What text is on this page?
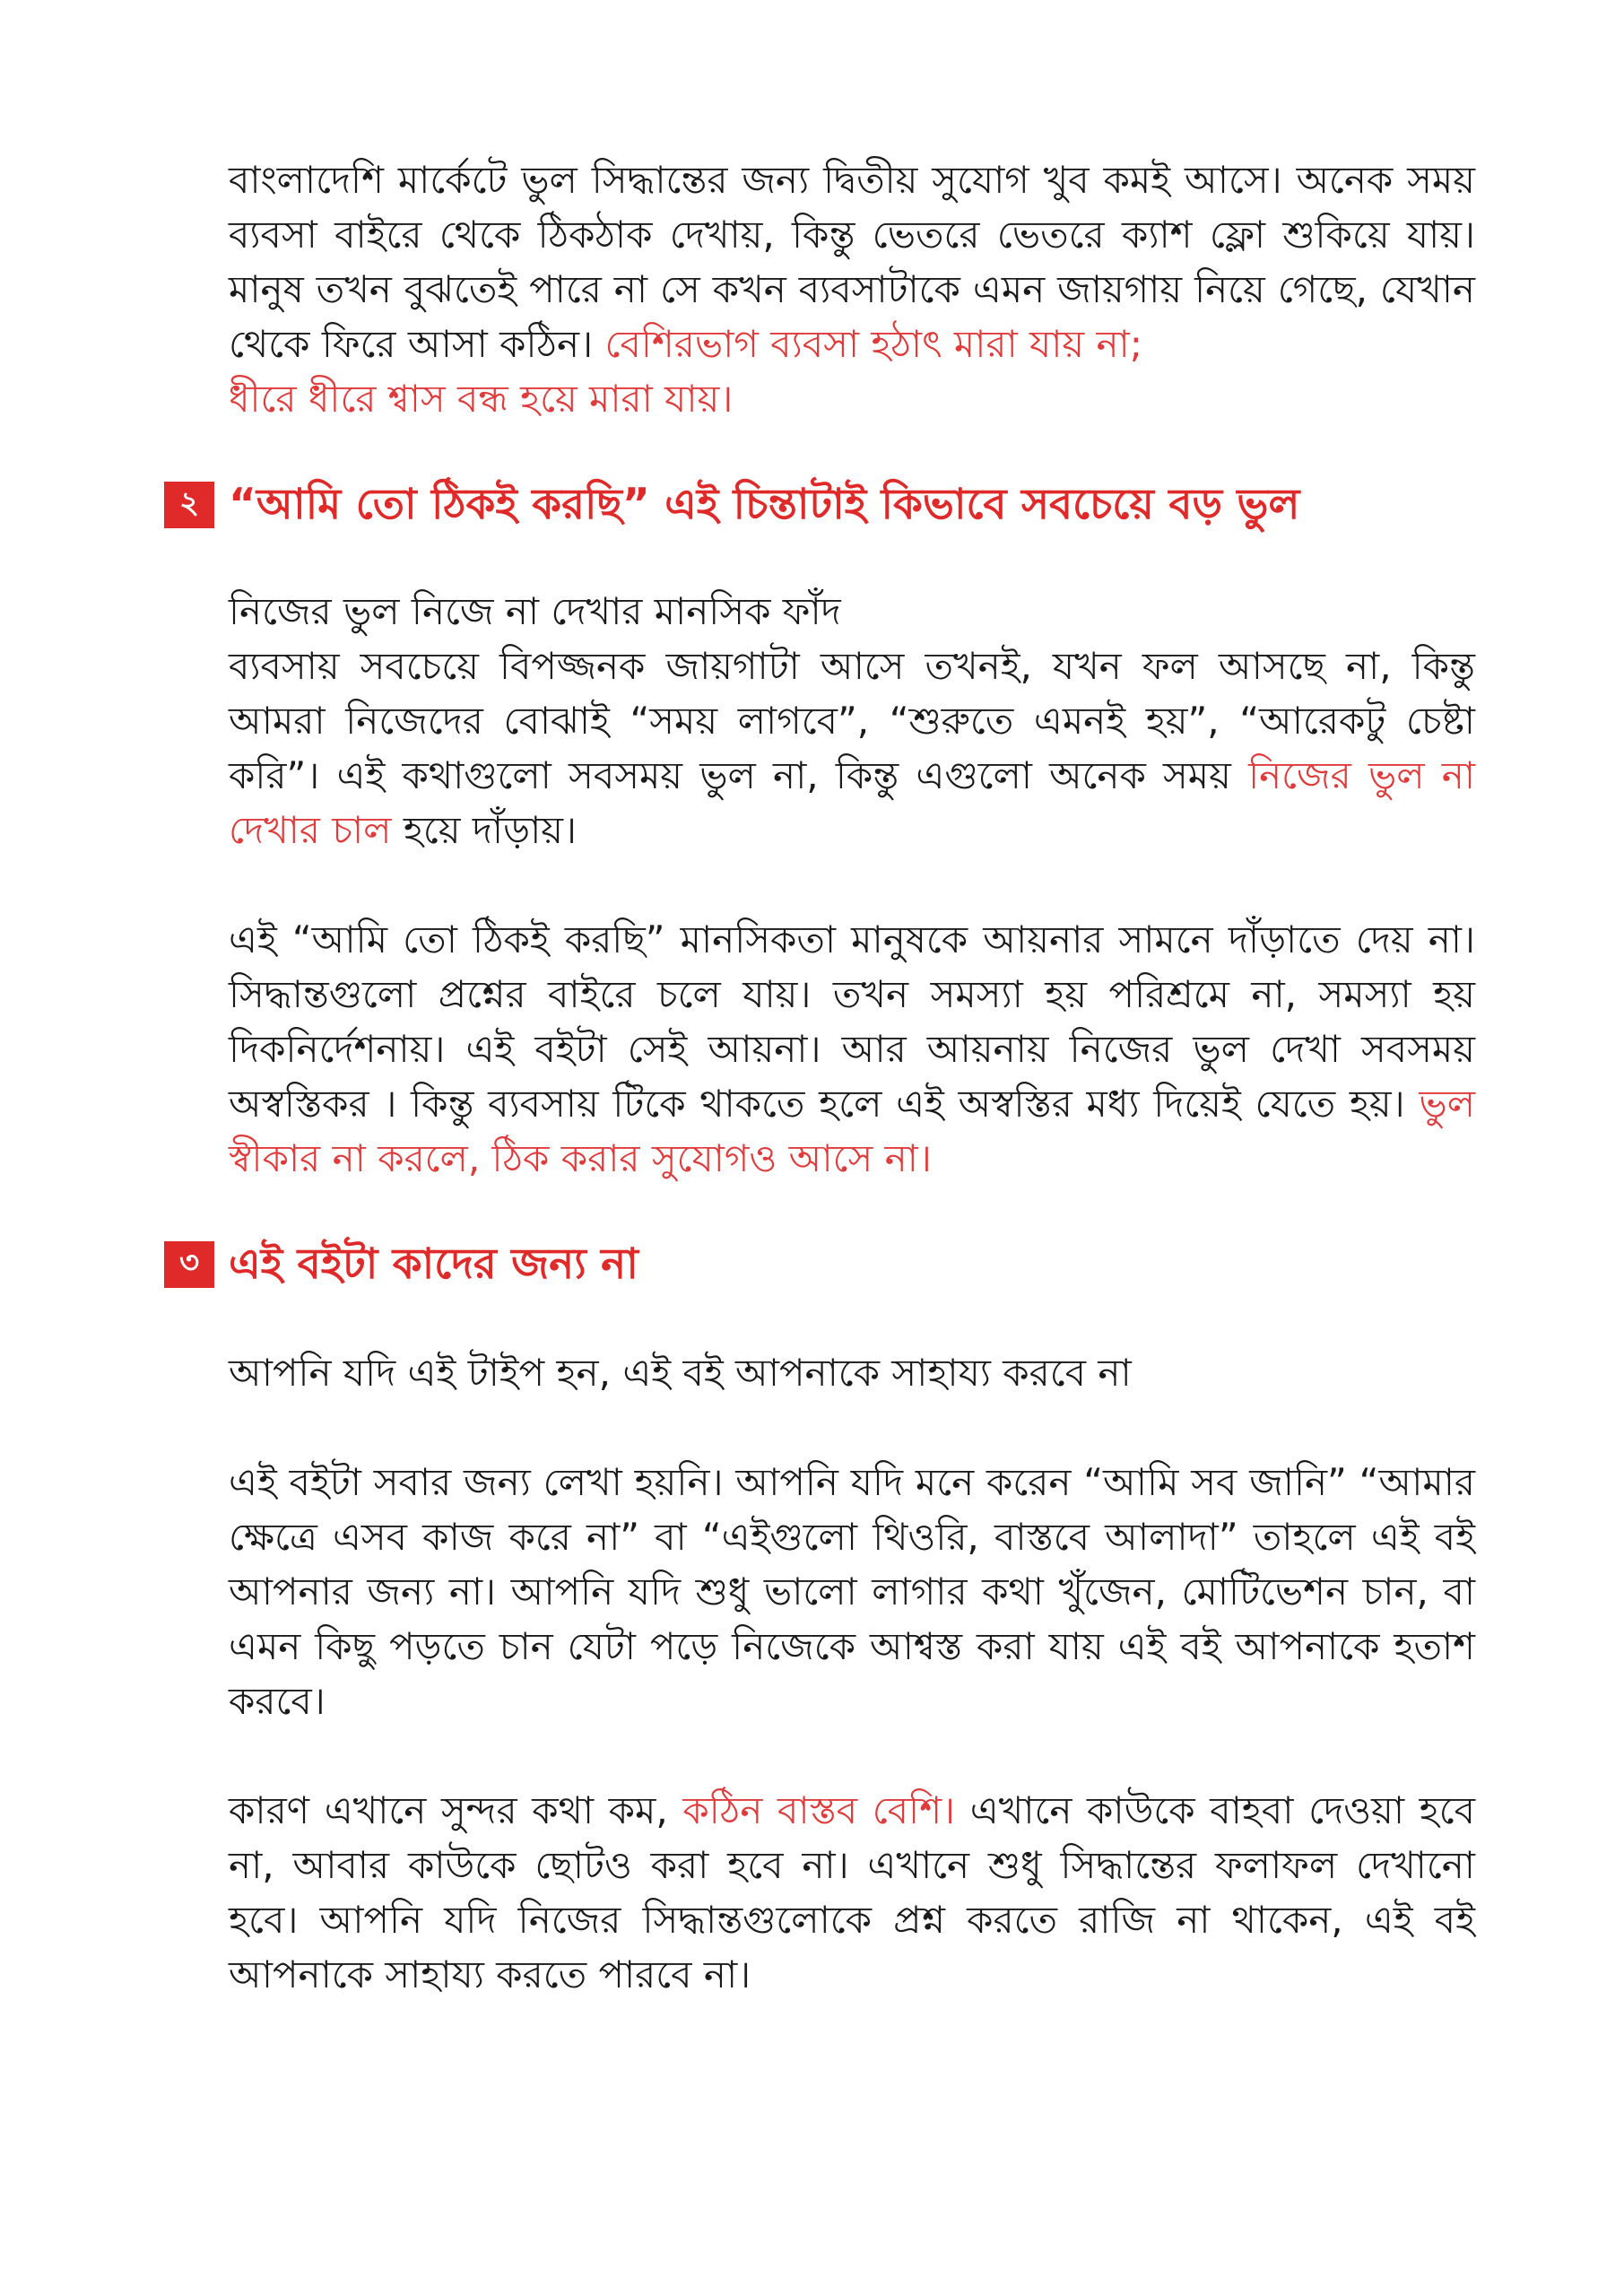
বাংলাদেশি মার্কেটে ভুল সিদ্ধান্তের জন্য দ্বিতীয় সুযোগ খুব কমই আসে। অনেক সময় ব্যবসা বাইরে থেকে ঠিকঠাক দেখায়, কিন্তু ভেতরে ভেতরে ক্যাশ ফ্লো শুকিয়ে যায়। মানুষ তখন বুঝতেই পারে না সে কখন ব্যবসাটাকে এমন জায়গায় নিয়ে গেছে, যেখান থেকে ফিরে আসা কঠিন। বেশিরভাগ ব্যবসা হঠাৎ মারা যায় না;
ধীরে ধীরে শ্বাস বন্ধ হয়ে মারা যায়।

২ “আমি তো ঠিকই করছি” এই চিন্তাটাই কিভাবে সবচেয়ে বড় ভুল

নিজের ভুল নিজে না দেখার মানসিক ফাঁদ

ব্যবসায় সবচেয়ে বিপজ্জনক জায়গাটা আসে তখনই, যখন ফল আসছে না, কিন্তু আমরা নিজেদের বোঝাই “সময় লাগবে”, “শুরুতে এমনই হয়”, “আরেকটু চেষ্টা করি”। এই কথাগুলো সবসময় ভুল না, কিন্তু এগুলো অনেক সময় নিজের ভুল না দেখার চাল হয়ে দাঁড়ায়।

এই “আমি তো ঠিকই করছি” মানসিকতা মানুষকে আয়নার সামনে দাঁড়াতে দেয় না। সিদ্ধান্তগুলো প্রশ্নের বাইরে চলে যায়। তখন সমস্যা হয় পরিশ্রমে না, সমস্যা হয় দিকনির্দেশনায়। এই বইটা সেই আয়না। আর আয়নায় নিজের ভুল দেখা সবসময় অস্বস্তিকর । কিন্তু ব্যবসায় টিকে থাকতে হলে এই অস্বস্তির মধ্য দিয়েই যেতে হয়। ভুল স্বীকার না করলে, ঠিক করার সুযোগও আসে না।

৩ এই বইটা কাদের জন্য না

আপনি যদি এই টাইপ হন, এই বই আপনাকে সাহায্য করবে না

এই বইটা সবার জন্য লেখা হয়নি। আপনি যদি মনে করেন “আমি সব জানি” “আমার ক্ষেত্রে এসব কাজ করে না” বা “এইগুলো থিওরি, বাস্তবে আলাদা” তাহলে এই বই আপনার জন্য না। আপনি যদি শুধু ভালো লাগার কথা খুঁজেন, মোটিভেশন চান, বা এমন কিছু পড়তে চান যেটা পড়ে নিজেকে আশ্বস্ত করা যায় এই বই আপনাকে হতাশ করবে।

কারণ এখানে সুন্দর কথা কম, কঠিন বাস্তব বেশি। এখানে কাউকে বাহবা দেওয়া হবে না, আবার কাউকে ছোটও করা হবে না। এখানে শুধু সিদ্ধান্তের ফলাফল দেখানো হবে। আপনি যদি নিজের সিদ্ধান্তগুলোকে প্রশ্ন করতে রাজি না থাকেন, এই বই আপনাকে সাহায্য করতে পারবে না।
